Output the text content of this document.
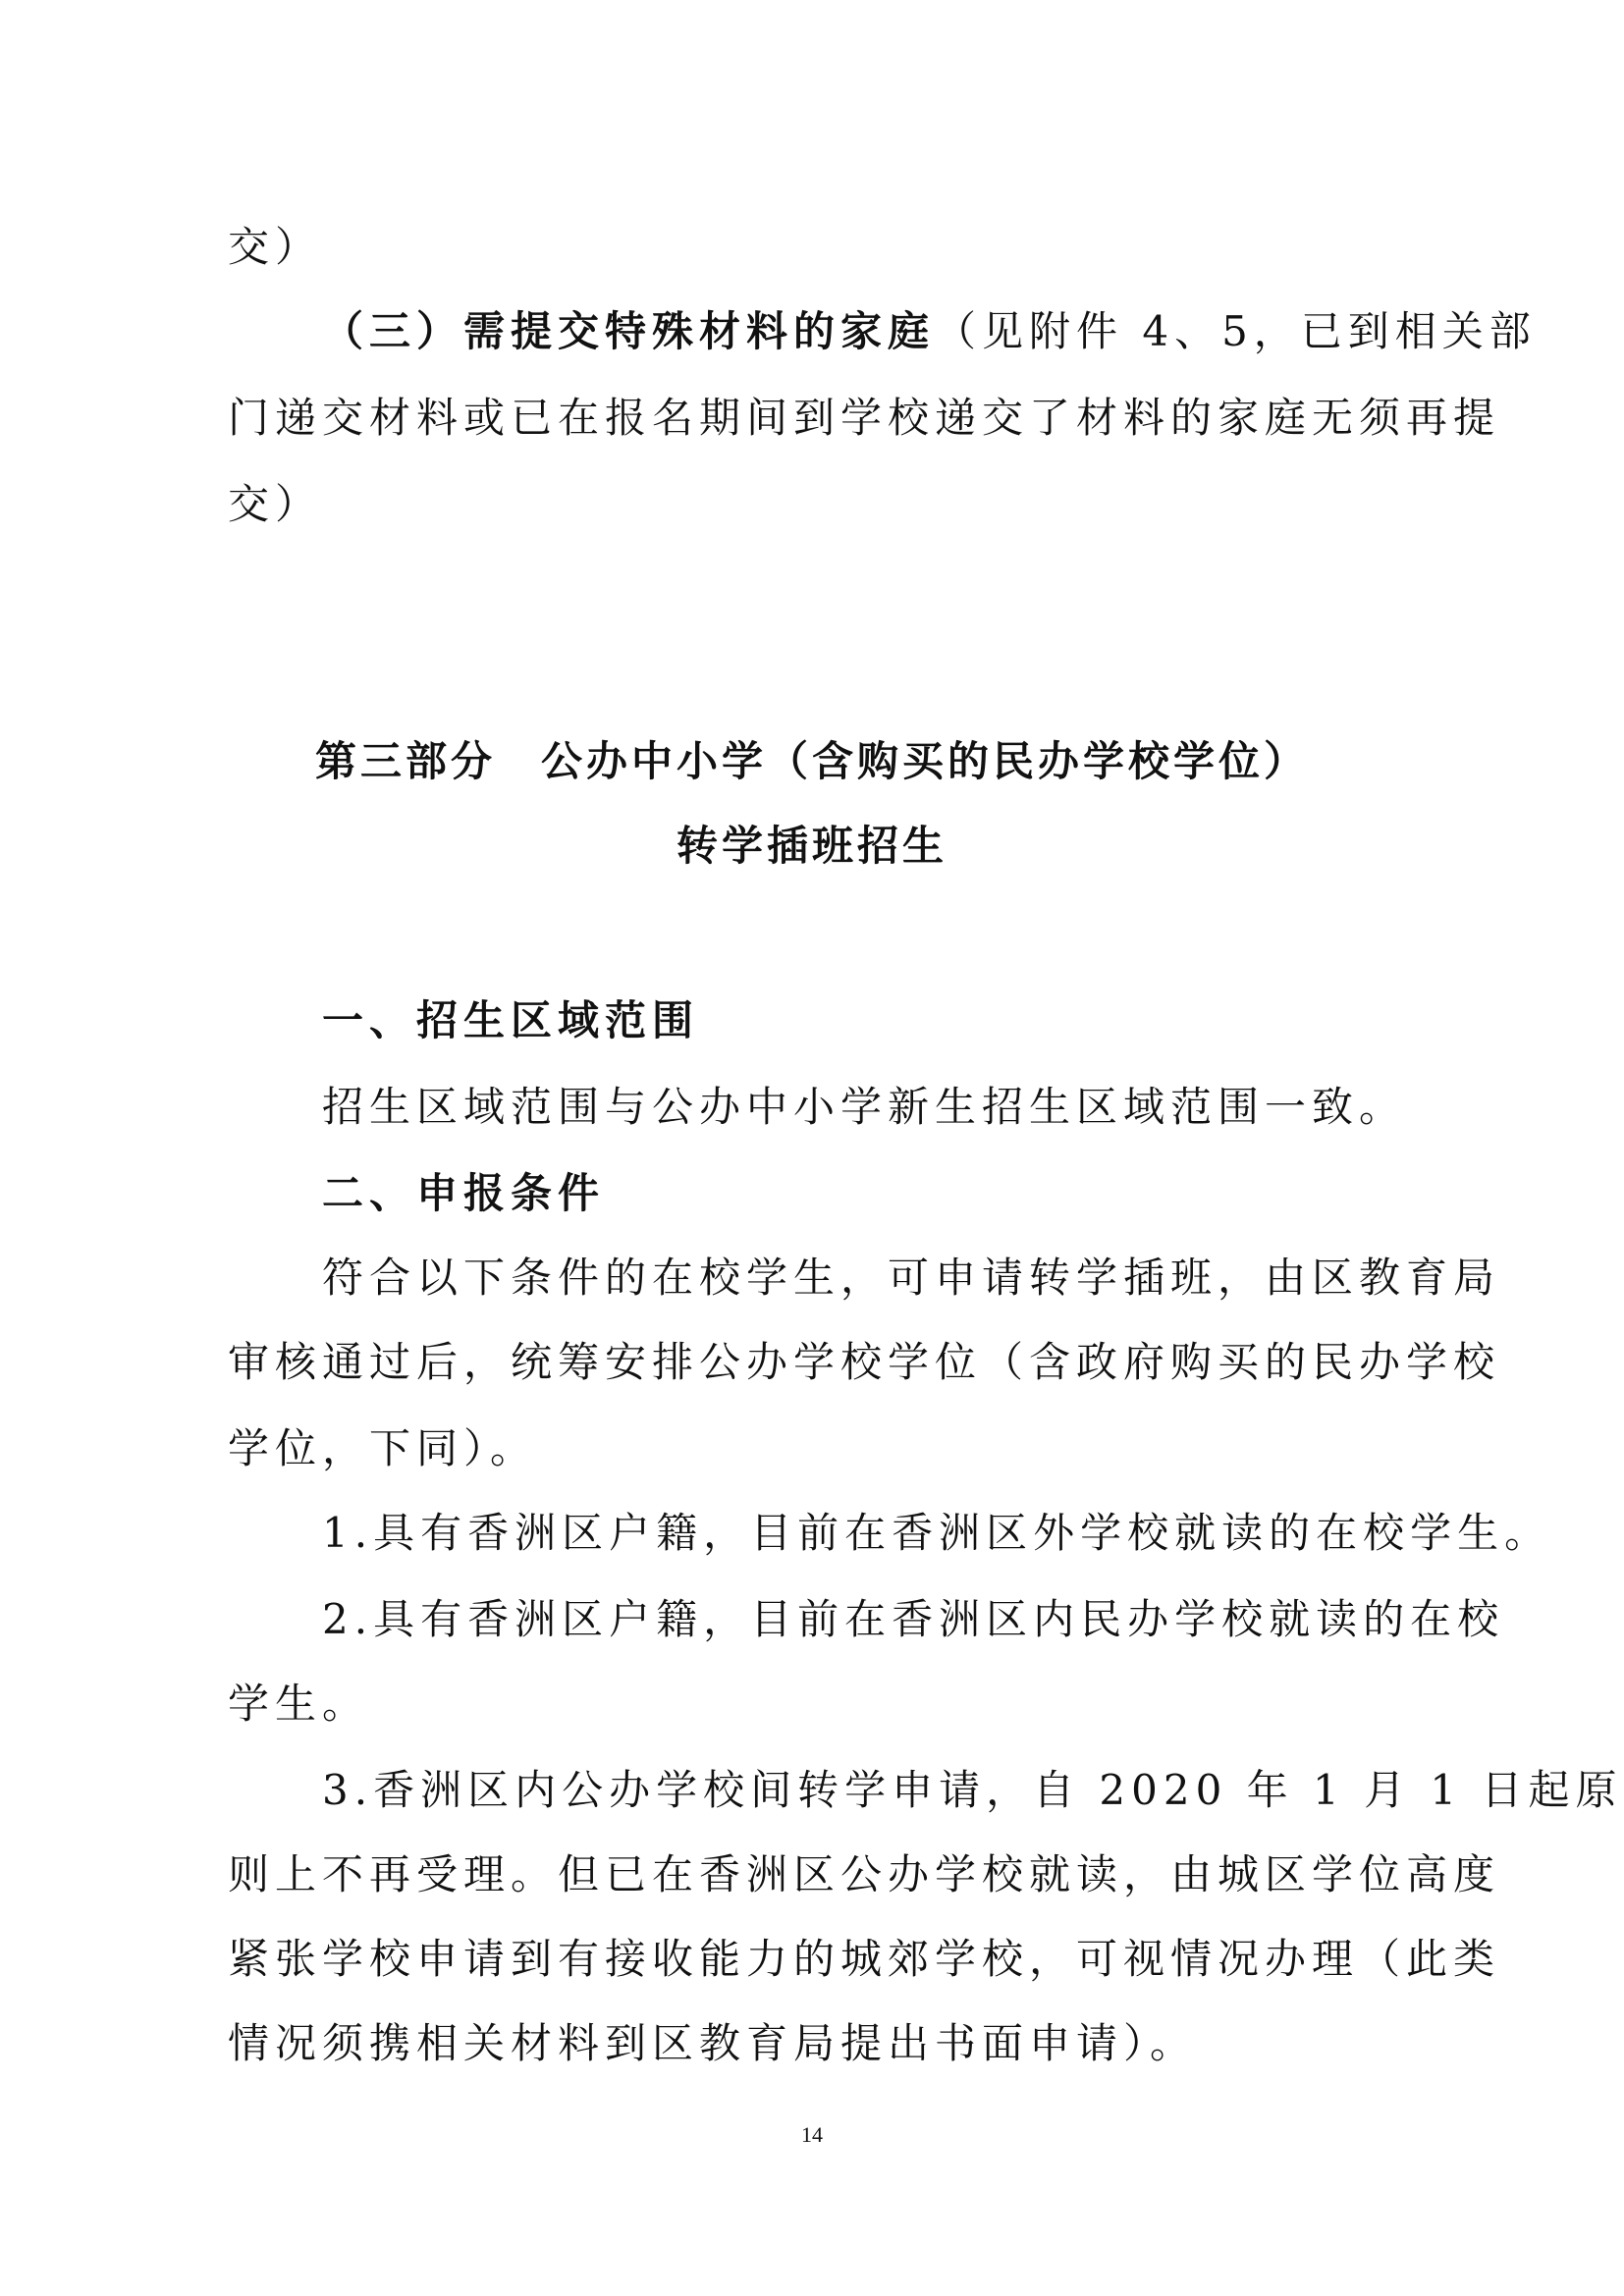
交）
（三）需提交特殊材料的家庭（见附件 4、5，已到相关部
门递交材料或已在报名期间到学校递交了材料的家庭无须再提
交）
第三部分　公办中小学（含购买的民办学校学位）
转学插班招生
一、招生区域范围
招生区域范围与公办中小学新生招生区域范围一致。
二、申报条件
符合以下条件的在校学生，可申请转学插班，由区教育局
审核通过后，统筹安排公办学校学位（含政府购买的民办学校
学位，下同）。
1.具有香洲区户籍，目前在香洲区外学校就读的在校学生。
2.具有香洲区户籍，目前在香洲区内民办学校就读的在校
学生。
3.香洲区内公办学校间转学申请，自 2020 年 1 月 1 日起原
则上不再受理。但已在香洲区公办学校就读，由城区学位高度
紧张学校申请到有接收能力的城郊学校，可视情况办理（此类
情况须携相关材料到区教育局提出书面申请）。
14
